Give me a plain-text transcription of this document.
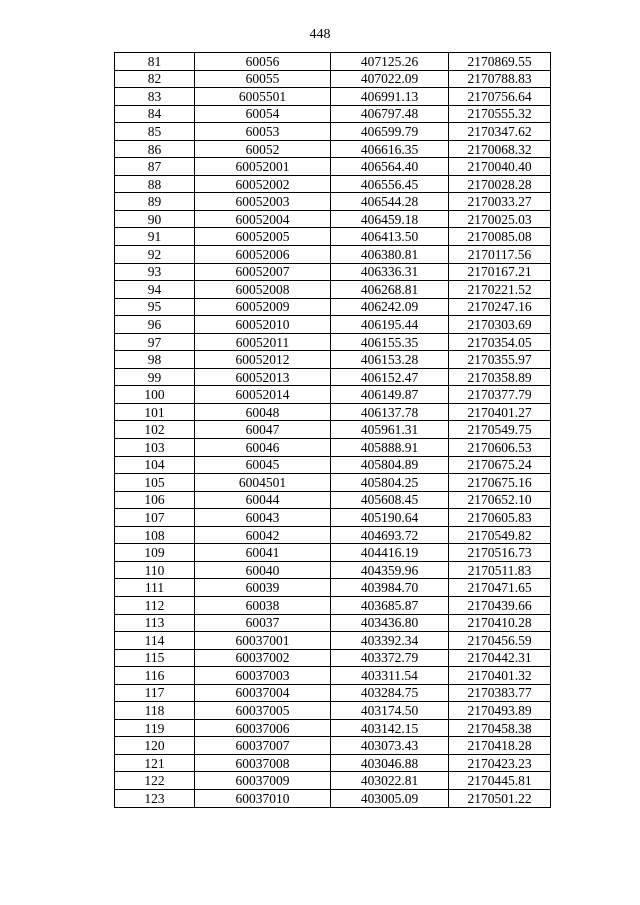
448
81	60056	407125.26	2170869.55
82	60055	407022.09	2170788.83
83	6005501	406991.13	2170756.64
84	60054	406797.48	2170555.32
85	60053	406599.79	2170347.62
86	60052	406616.35	2170068.32
87	60052001	406564.40	2170040.40
88	60052002	406556.45	2170028.28
89	60052003	406544.28	2170033.27
90	60052004	406459.18	2170025.03
91	60052005	406413.50	2170085.08
92	60052006	406380.81	2170117.56
93	60052007	406336.31	2170167.21
94	60052008	406268.81	2170221.52
95	60052009	406242.09	2170247.16
96	60052010	406195.44	2170303.69
97	60052011	406155.35	2170354.05
98	60052012	406153.28	2170355.97
99	60052013	406152.47	2170358.89
100	60052014	406149.87	2170377.79
101	60048	406137.78	2170401.27
102	60047	405961.31	2170549.75
103	60046	405888.91	2170606.53
104	60045	405804.89	2170675.24
105	6004501	405804.25	2170675.16
106	60044	405608.45	2170652.10
107	60043	405190.64	2170605.83
108	60042	404693.72	2170549.82
109	60041	404416.19	2170516.73
110	60040	404359.96	2170511.83
111	60039	403984.70	2170471.65
112	60038	403685.87	2170439.66
113	60037	403436.80	2170410.28
114	60037001	403392.34	2170456.59
115	60037002	403372.79	2170442.31
116	60037003	403311.54	2170401.32
117	60037004	403284.75	2170383.77
118	60037005	403174.50	2170493.89
119	60037006	403142.15	2170458.38
120	60037007	403073.43	2170418.28
121	60037008	403046.88	2170423.23
122	60037009	403022.81	2170445.81
123	60037010	403005.09	2170501.22
